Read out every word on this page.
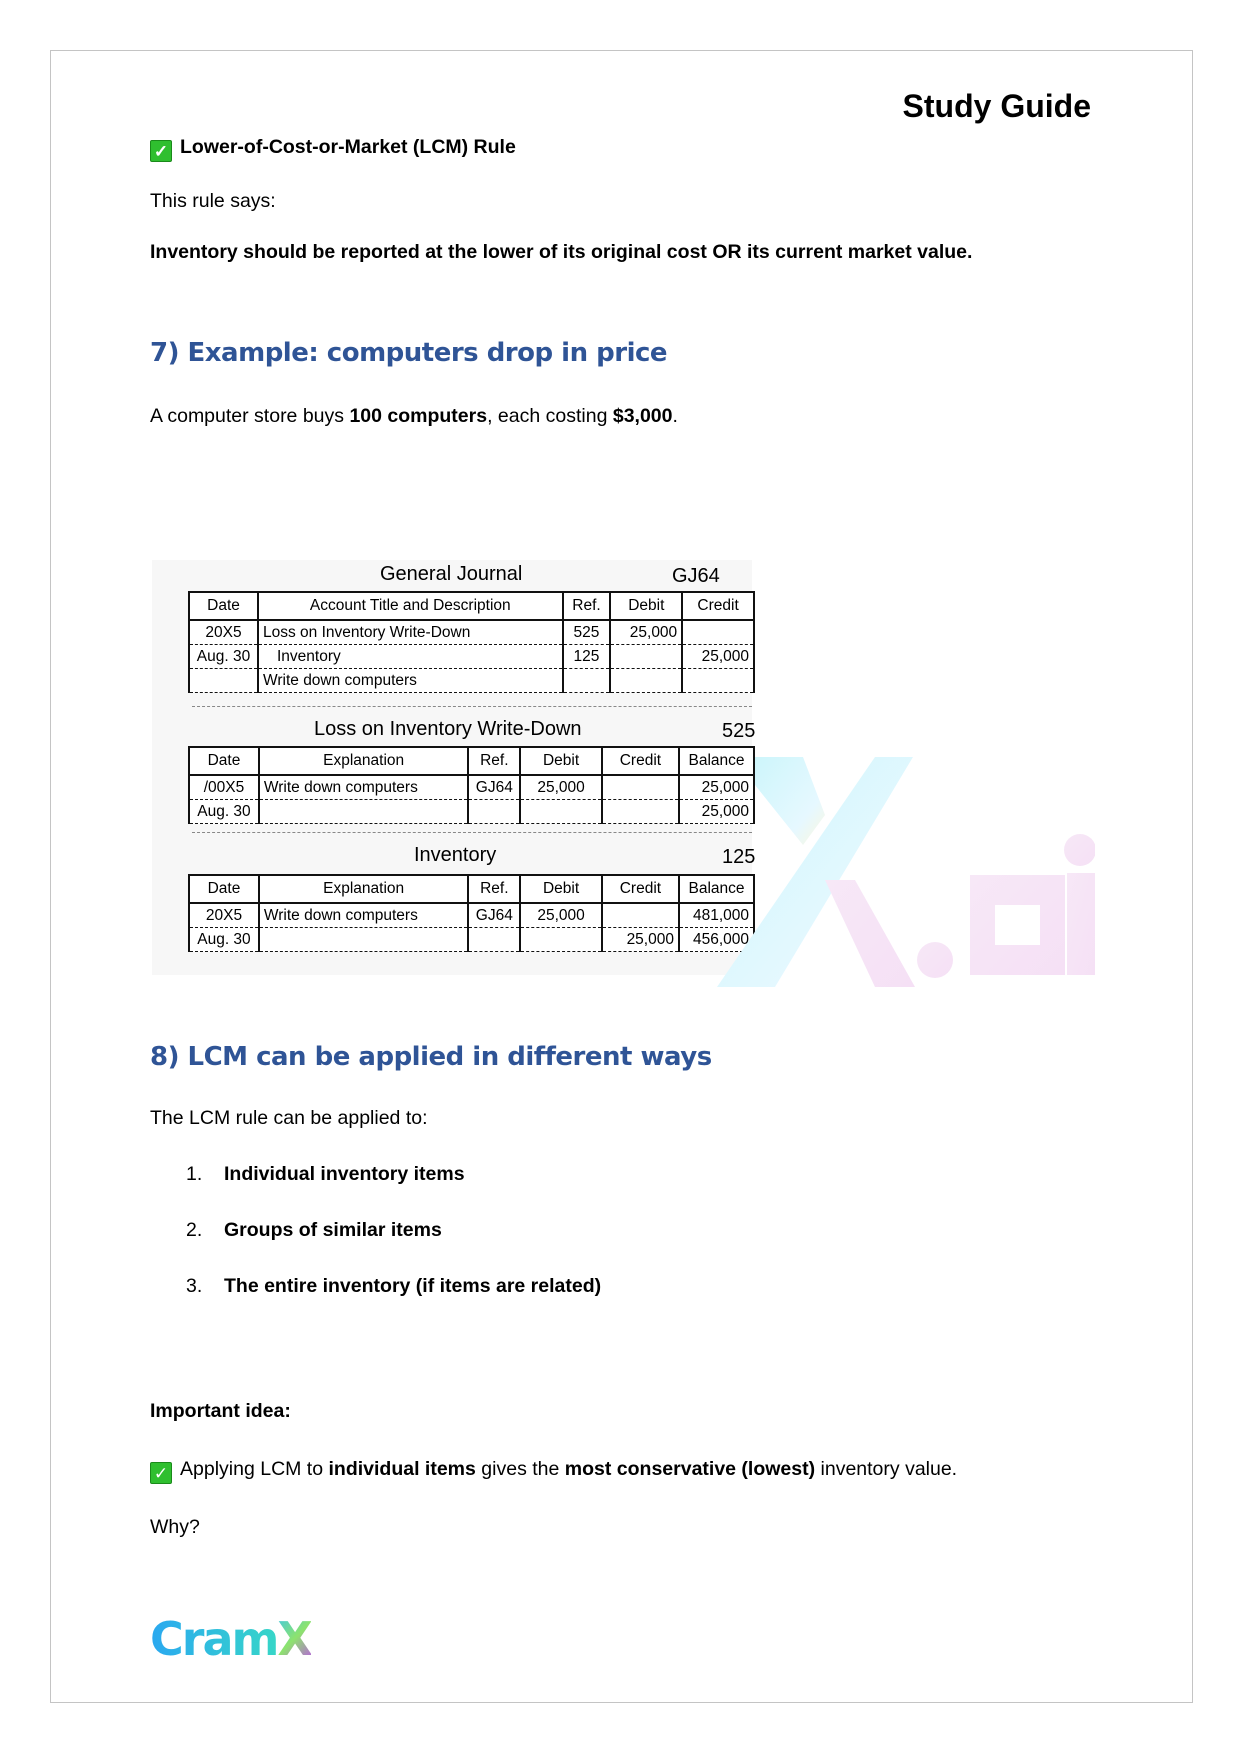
Study Guide
✓ Lower-of-Cost-or-Market (LCM) Rule
This rule says:
Inventory should be reported at the lower of its original cost OR its current market value.
7) Example: computers drop in price
A computer store buys 100 computers, each costing $3,000.
General Journal	GJ64
Date	Account Title and Description	Ref.	Debit	Credit
20X5	Loss on Inventory Write-Down	525	25,000	
Aug. 30	Inventory	125		25,000
	Write down computers			
Loss on Inventory Write-Down	525
Date	Explanation	Ref.	Debit	Credit	Balance
/00X5	Write down computers	GJ64	25,000		25,000
Aug. 30					25,000
Inventory	125
Date	Explanation	Ref.	Debit	Credit	Balance
20X5	Write down computers	GJ64	25,000		481,000
Aug. 30				25,000	456,000
8) LCM can be applied in different ways
The LCM rule can be applied to:
1. Individual inventory items
2. Groups of similar items
3. The entire inventory (if items are related)
Important idea:
✓ Applying LCM to individual items gives the most conservative (lowest) inventory value.
Why?
CramX
